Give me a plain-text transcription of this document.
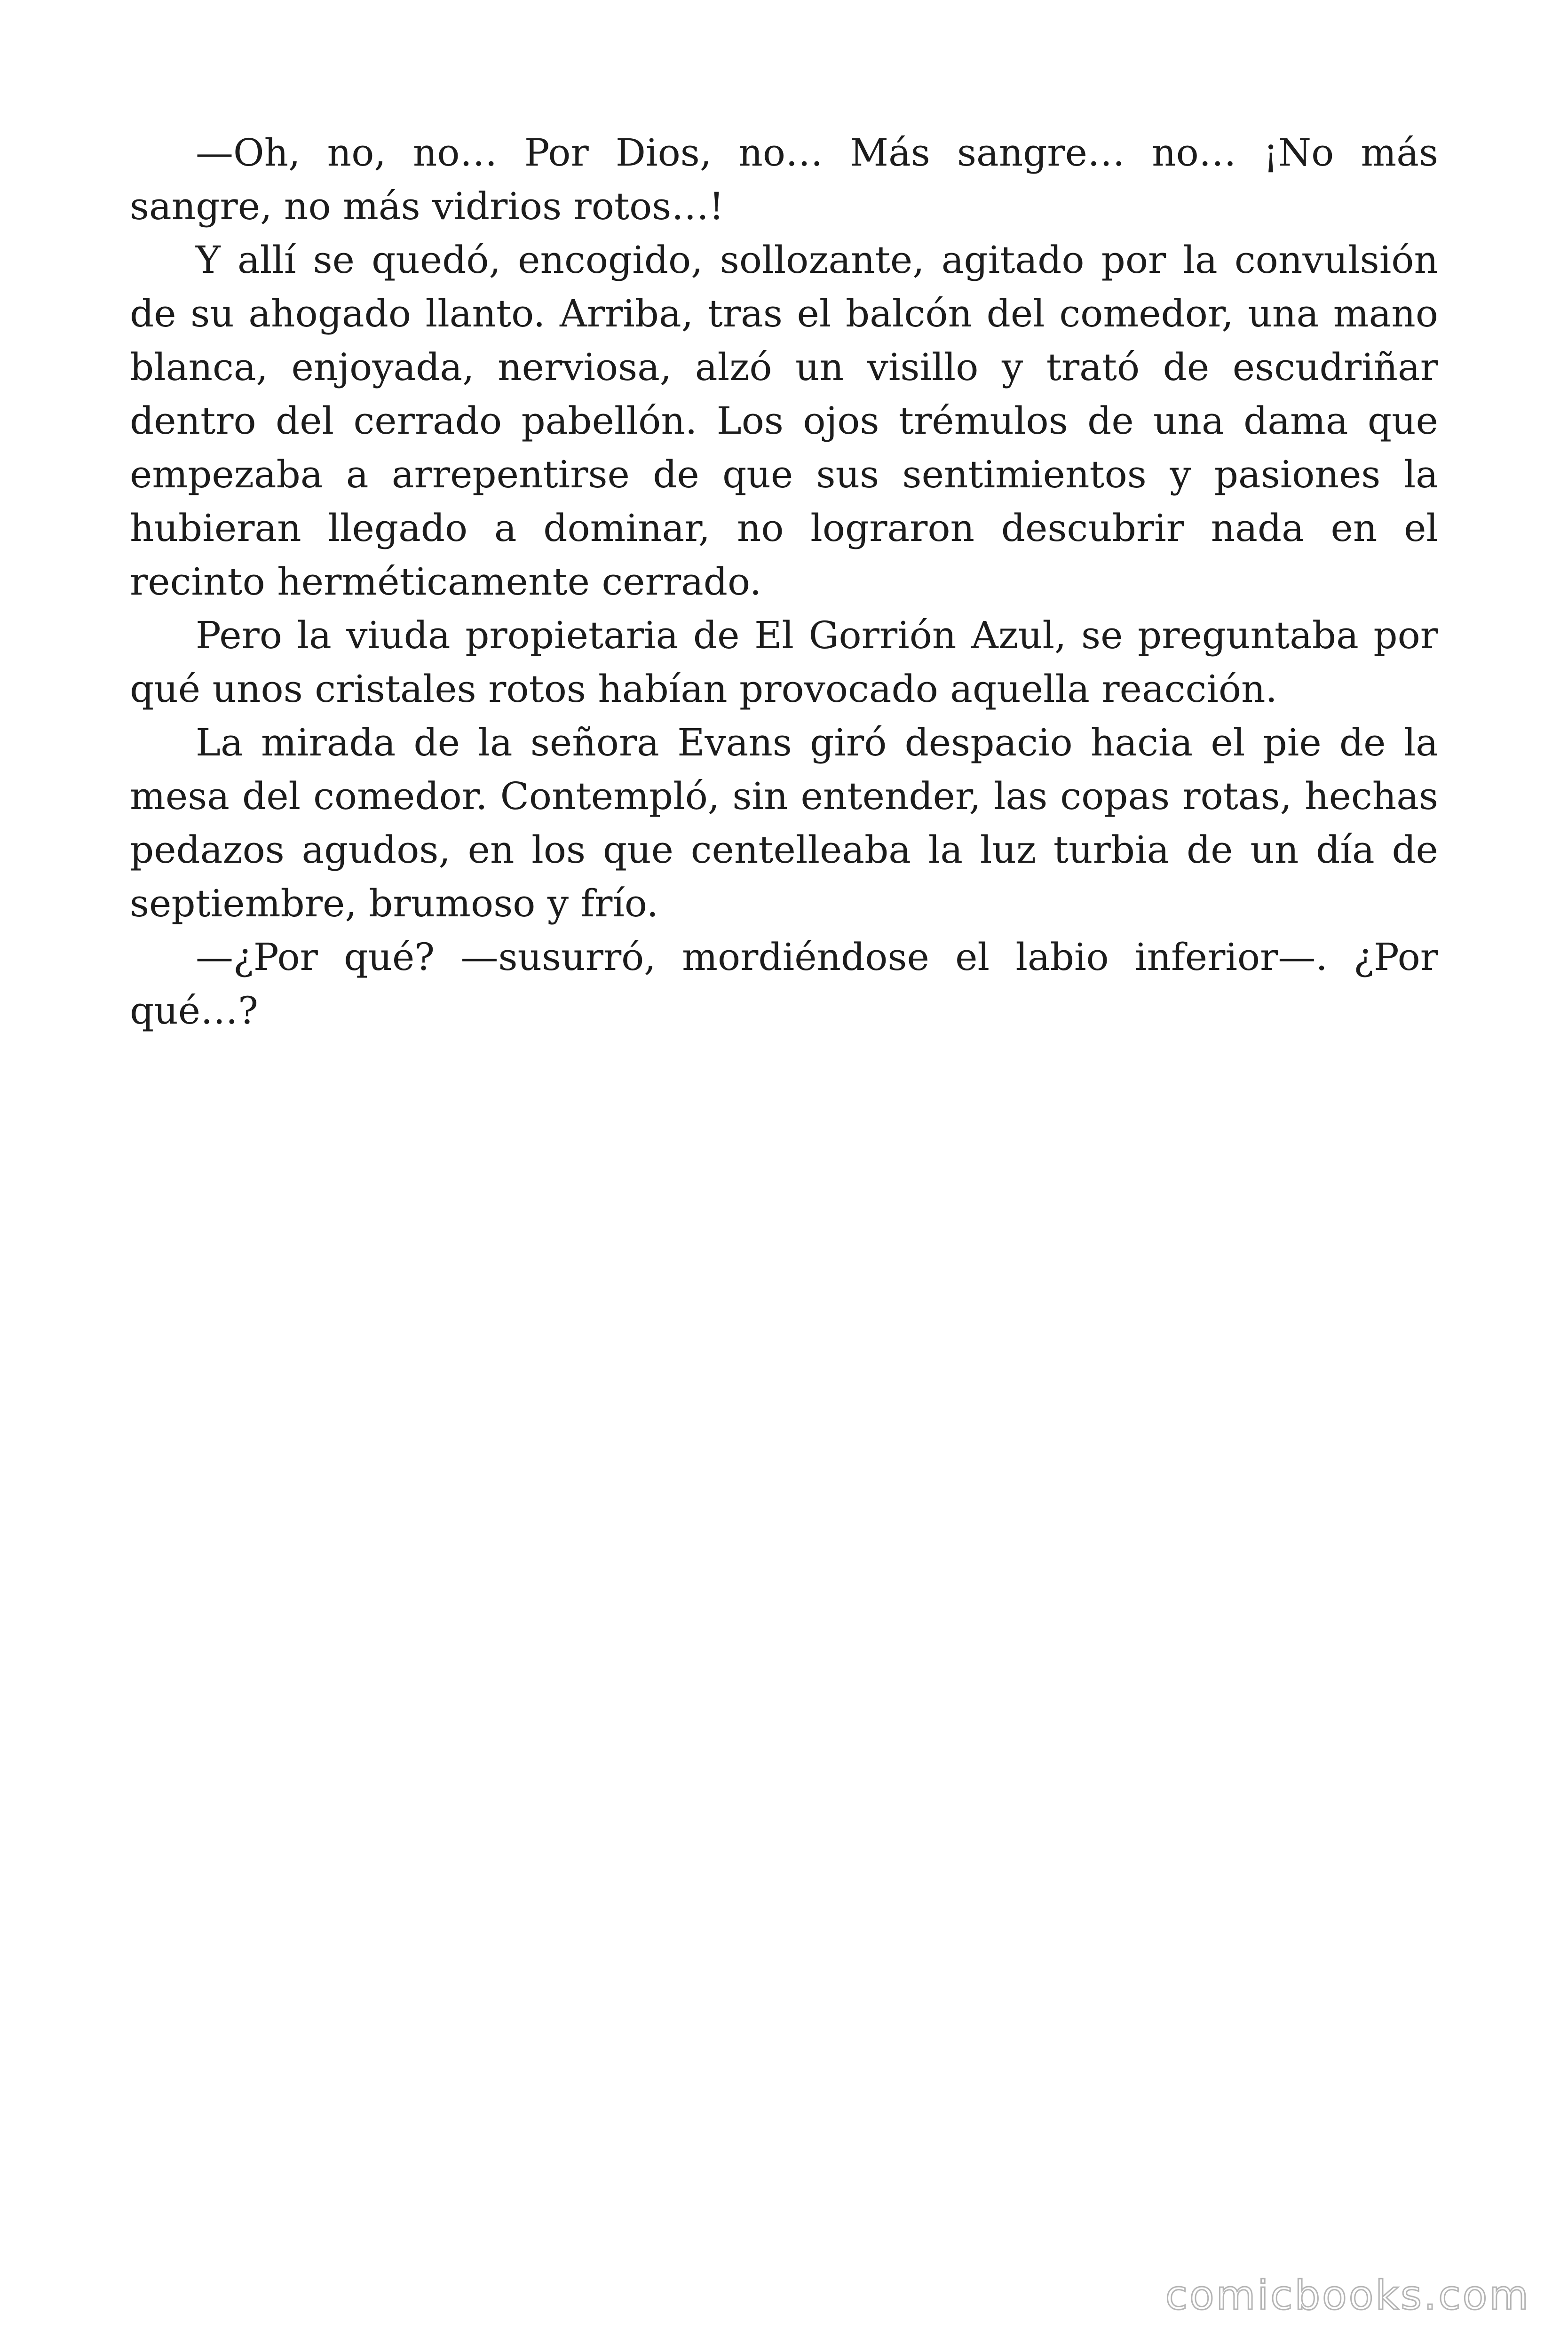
—Oh, no, no… Por Dios, no… Más sangre… no… ¡No más sangre, no más vidrios rotos…!

Y allí se quedó, encogido, sollozante, agitado por la convulsión de su ahogado llanto. Arriba, tras el balcón del comedor, una mano blanca, enjoyada, nerviosa, alzó un visillo y trató de escudriñar dentro del cerrado pabellón. Los ojos trémulos de una dama que empezaba a arrepentirse de que sus sentimientos y pasiones la hubieran llegado a dominar, no lograron descubrir nada en el recinto herméticamente cerrado.

Pero la viuda propietaria de El Gorrión Azul, se preguntaba por qué unos cristales rotos habían provocado aquella reacción.

La mirada de la señora Evans giró despacio hacia el pie de la mesa del comedor. Contempló, sin entender, las copas rotas, hechas pedazos agudos, en los que centelleaba la luz turbia de un día de septiembre, brumoso y frío.

—¿Por qué? —susurró, mordiéndose el labio inferior—. ¿Por qué…?

comicbooks.com
